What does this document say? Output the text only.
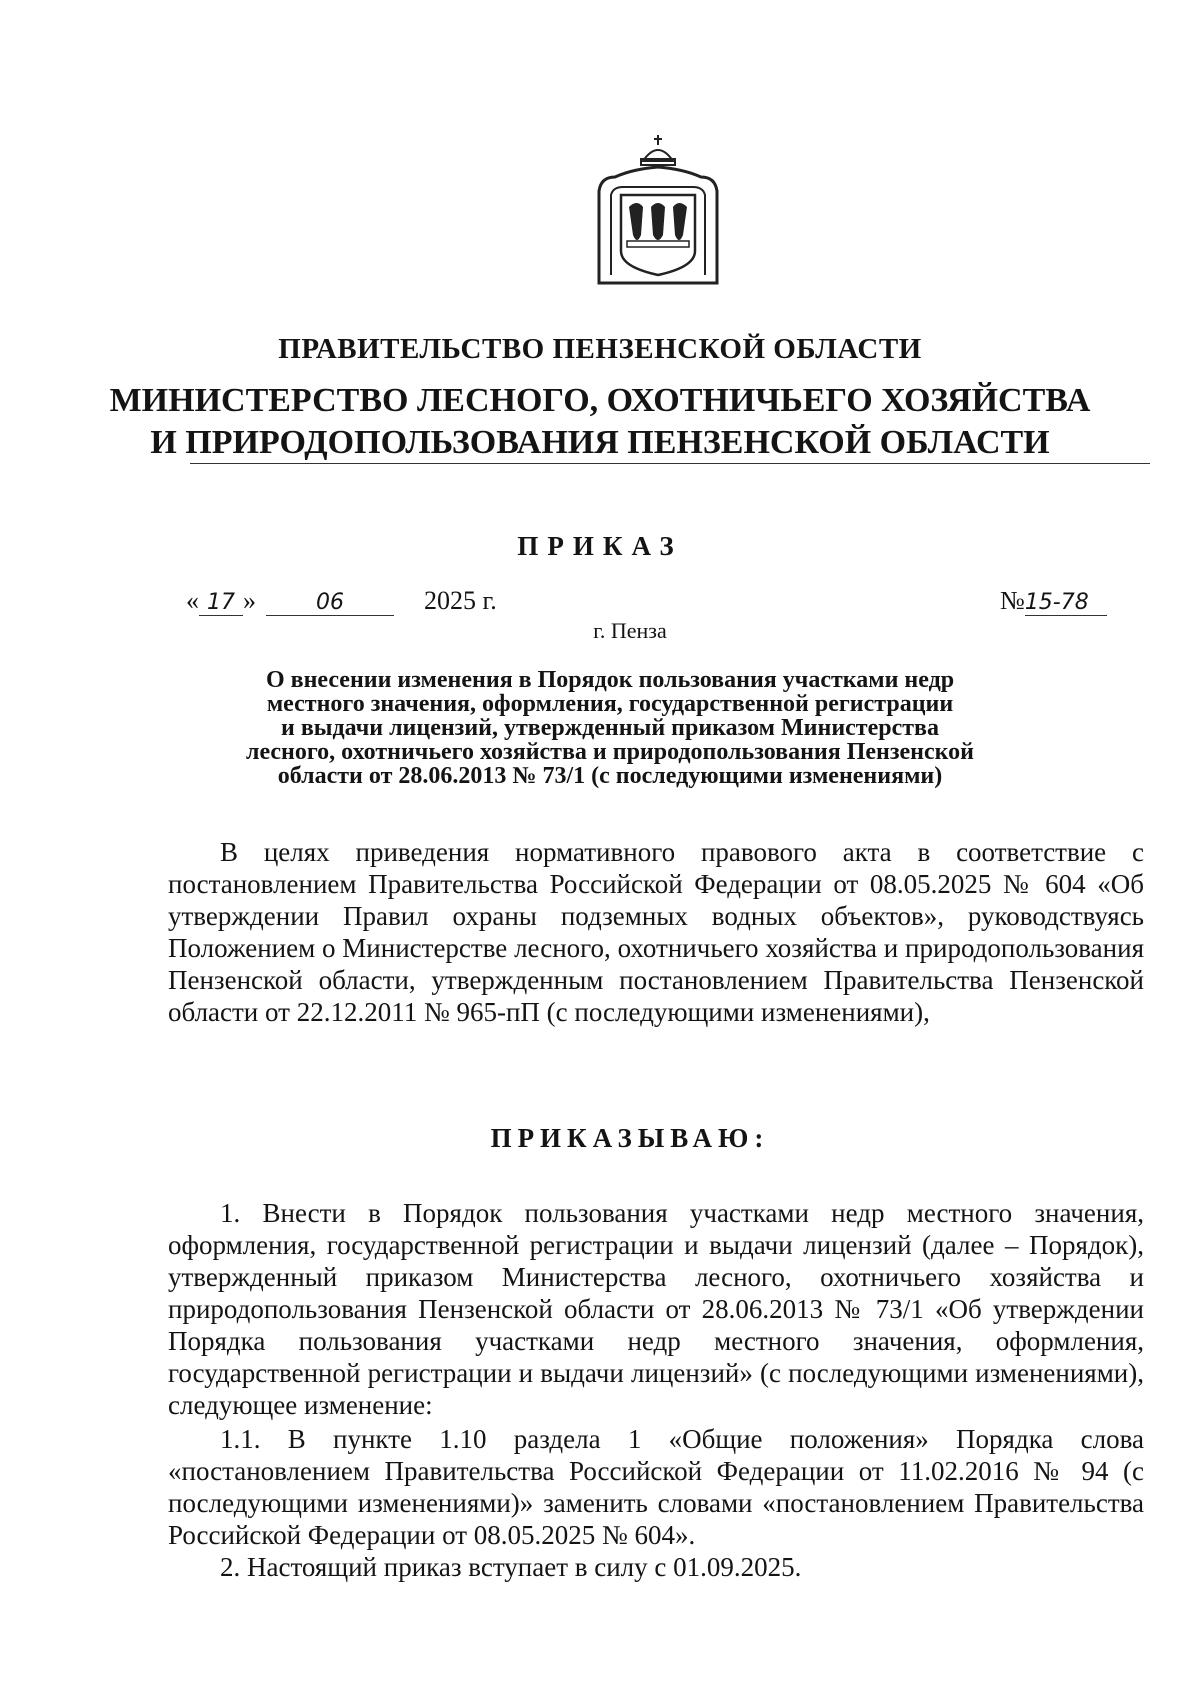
ПРАВИТЕЛЬСТВО ПЕНЗЕНСКОЙ ОБЛАСТИ
МИНИСТЕРСТВО ЛЕСНОГО, ОХОТНИЧЬЕГО ХОЗЯЙСТВА
И ПРИРОДОПОЛЬЗОВАНИЯ ПЕНЗЕНСКОЙ ОБЛАСТИ
ПРИКАЗ
« 17 »	06	2025 г.	№15-78
г. Пенза
О внесении изменения в Порядок пользования участками недр
местного значения, оформления, государственной регистрации
и выдачи лицензий, утвержденный приказом Министерства
лесного, охотничьего хозяйства и природопользования Пензенской
области от 28.06.2013 № 73/1 (с последующими изменениями)
В целях приведения нормативного правового акта в соответствие с постановлением Правительства Российской Федерации от 08.05.2025 № 604 «Об утверждении Правил охраны подземных водных объектов», руководствуясь Положением о Министерстве лесного, охотничьего хозяйства и природопользования Пензенской области, утвержденным постановлением Правительства Пензенской области от 22.12.2011 № 965-пП (с последующими изменениями),
ПРИКАЗЫВАЮ:
1. Внести в Порядок пользования участками недр местного значения, оформления, государственной регистрации и выдачи лицензий (далее – Порядок), утвержденный приказом Министерства лесного, охотничьего хозяйства и природопользования Пензенской области от 28.06.2013 № 73/1 «Об утверждении Порядка пользования участками недр местного значения, оформления, государственной регистрации и выдачи лицензий» (с последующими изменениями), следующее изменение:
1.1. В пункте 1.10 раздела 1 «Общие положения» Порядка слова «постановлением Правительства Российской Федерации от 11.02.2016 № 94 (с последующими изменениями)» заменить словами «постановлением Правительства Российской Федерации от 08.05.2025 № 604».
2. Настоящий приказ вступает в силу с 01.09.2025.
